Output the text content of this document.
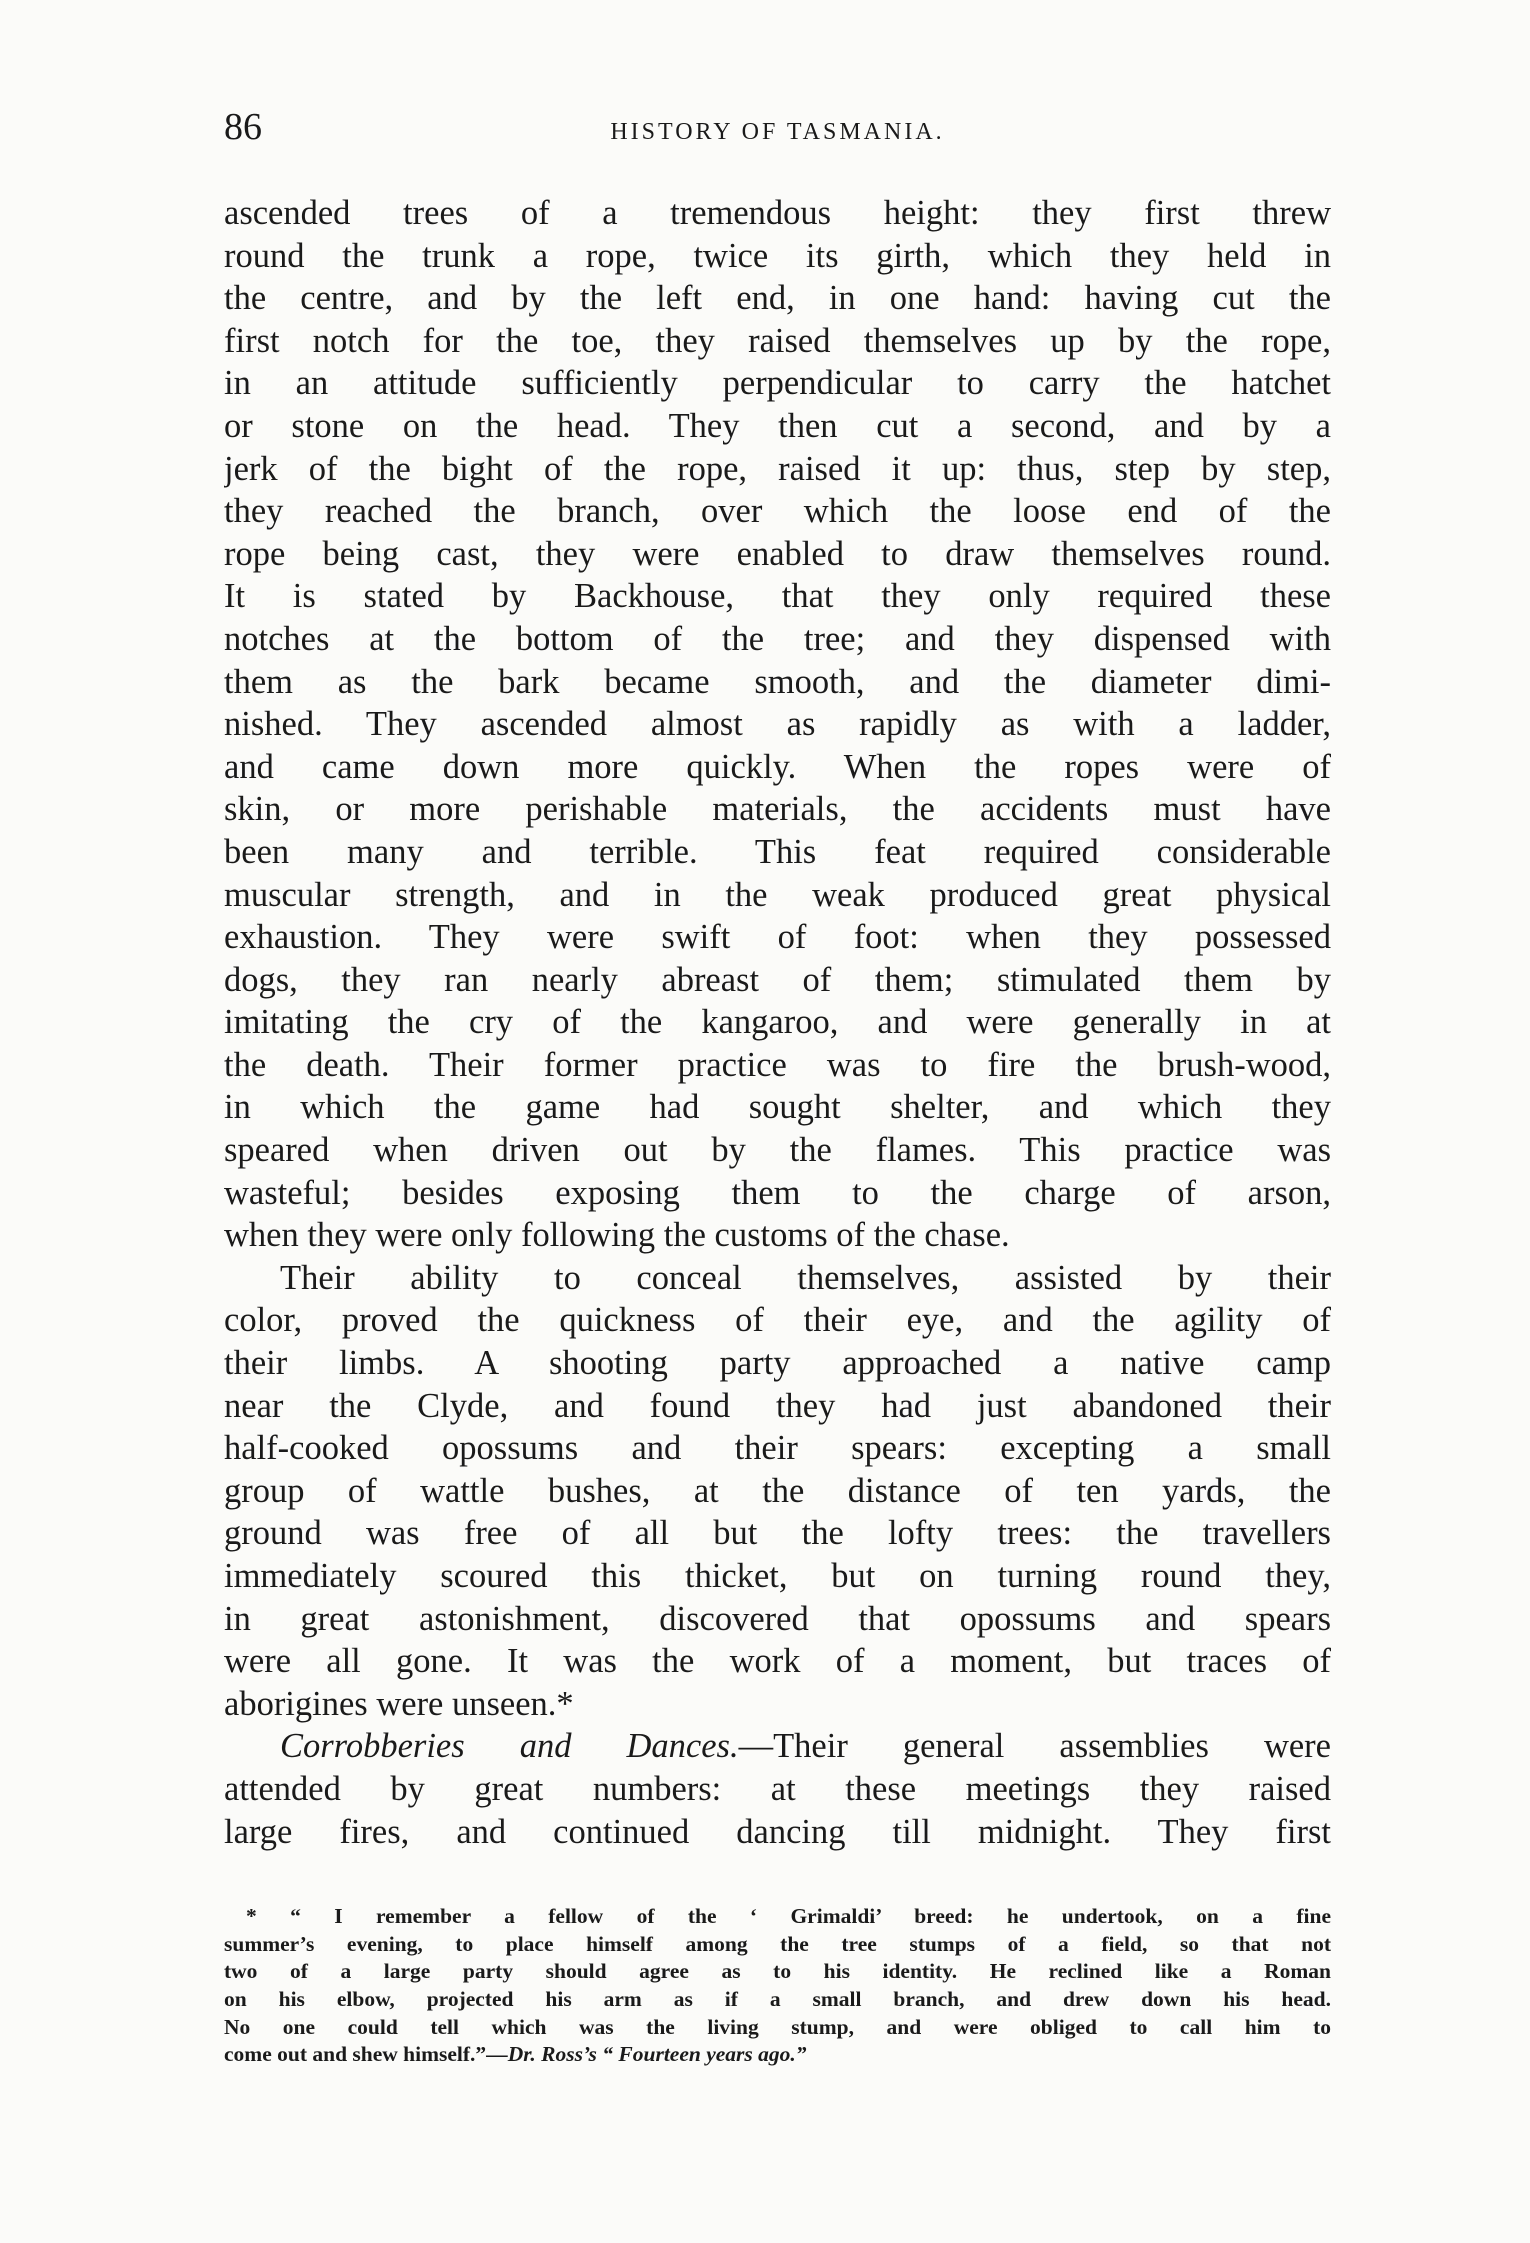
86	HISTORY OF TASMANIA.
ascended trees of a tremendous height: they first threw
round the trunk a rope, twice its girth, which they held in
the centre, and by the left end, in one hand: having cut the
first notch for the toe, they raised themselves up by the rope,
in an attitude sufficiently perpendicular to carry the hatchet
or stone on the head. They then cut a second, and by a
jerk of the bight of the rope, raised it up: thus, step by step,
they reached the branch, over which the loose end of the
rope being cast, they were enabled to draw themselves round.
It is stated by Backhouse, that they only required these
notches at the bottom of the tree; and they dispensed with
them as the bark became smooth, and the diameter dimi-
nished. They ascended almost as rapidly as with a ladder,
and came down more quickly. When the ropes were of
skin, or more perishable materials, the accidents must have
been many and terrible. This feat required considerable
muscular strength, and in the weak produced great physical
exhaustion. They were swift of foot: when they possessed
dogs, they ran nearly abreast of them; stimulated them by
imitating the cry of the kangaroo, and were generally in at
the death. Their former practice was to fire the brush-wood,
in which the game had sought shelter, and which they
speared when driven out by the flames. This practice was
wasteful; besides exposing them to the charge of arson,
when they were only following the customs of the chase.
Their ability to conceal themselves, assisted by their
color, proved the quickness of their eye, and the agility of
their limbs. A shooting party approached a native camp
near the Clyde, and found they had just abandoned their
half-cooked opossums and their spears: excepting a small
group of wattle bushes, at the distance of ten yards, the
ground was free of all but the lofty trees: the travellers
immediately scoured this thicket, but on turning round they,
in great astonishment, discovered that opossums and spears
were all gone. It was the work of a moment, but traces of
aborigines were unseen.*
Corrobberies and Dances.—Their general assemblies were
attended by great numbers: at these meetings they raised
large fires, and continued dancing till midnight. They first
* “ I remember a fellow of the ‘ Grimaldi’ breed: he undertook, on a fine
summer’s evening, to place himself among the tree stumps of a field, so that not
two of a large party should agree as to his identity. He reclined like a Roman
on his elbow, projected his arm as if a small branch, and drew down his head.
No one could tell which was the living stump, and were obliged to call him to
come out and shew himself.”—Dr. Ross’s “ Fourteen years ago.”
